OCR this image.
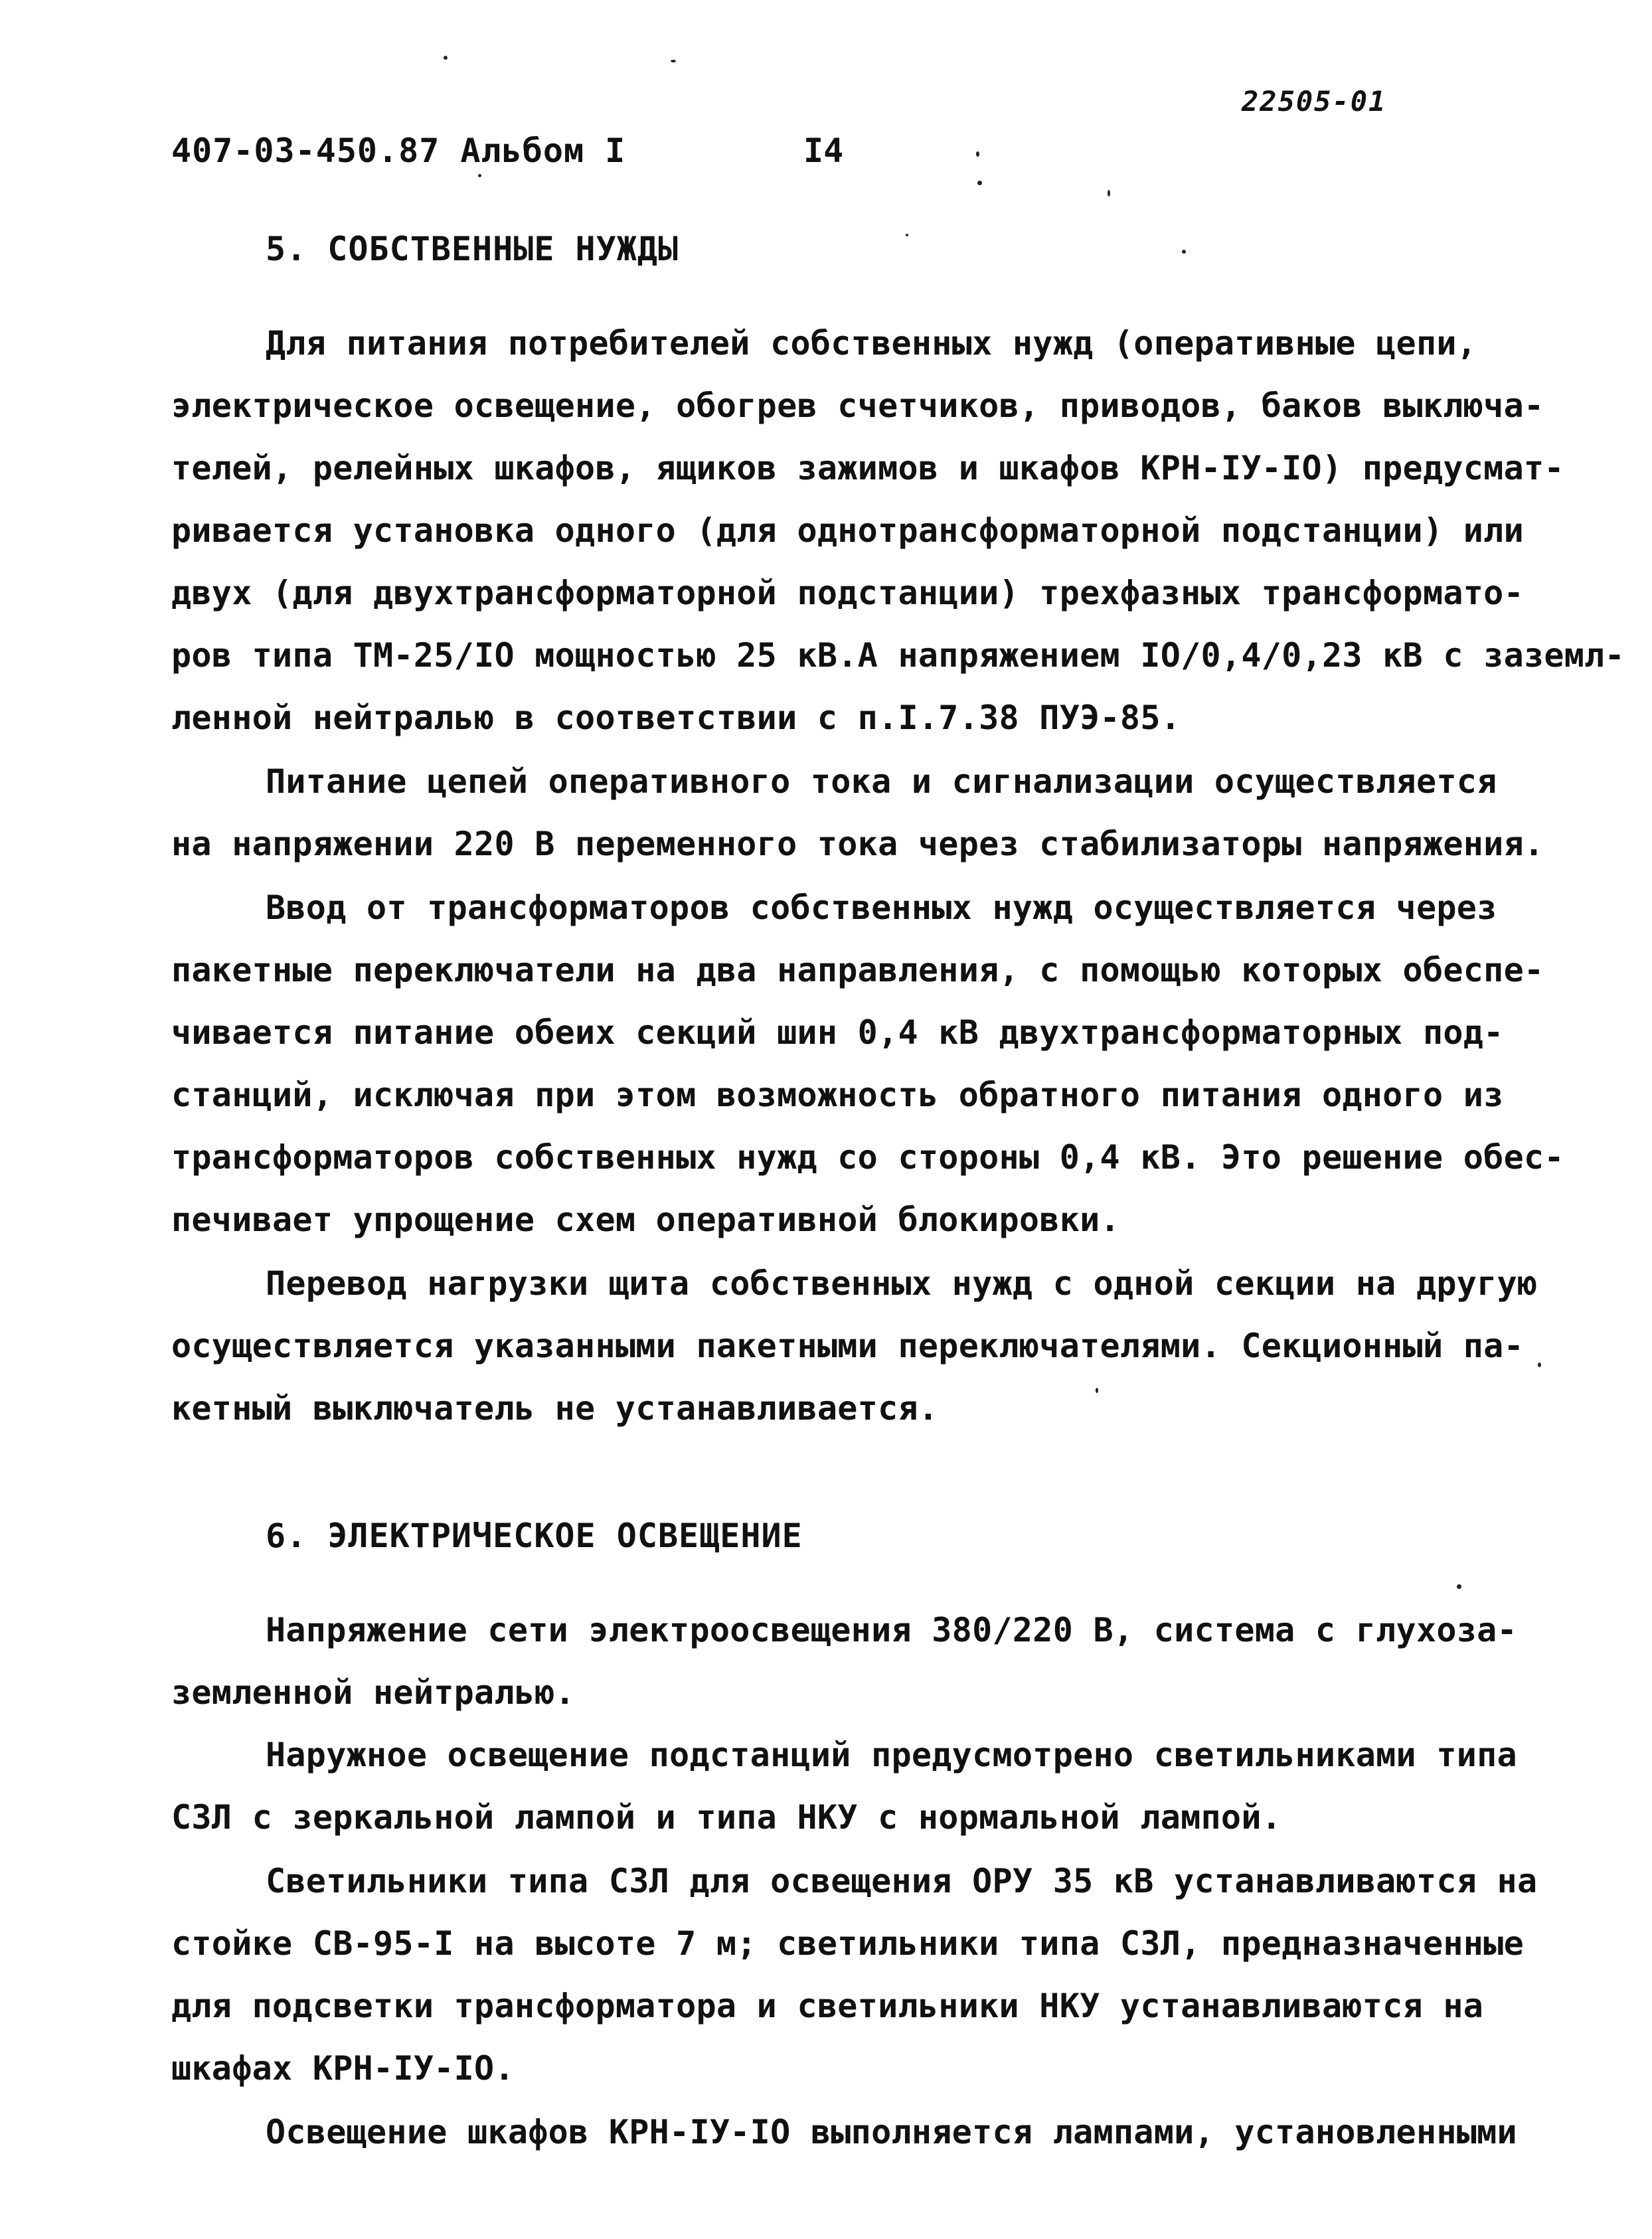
22505-01
407-03-450.87 Альбом I	I4
5. СОБСТВЕННЫЕ НУЖДЫ
Для питания потребителей собственных нужд (оперативные цепи,
электрическое освещение, обогрев счетчиков, приводов, баков выключа-
телей, релейных шкафов, ящиков зажимов и шкафов КРН-IУ-IO) предусмат-
ривается установка одного (для однотрансформаторной подстанции) или
двух (для двухтрансформаторной подстанции) трехфазных трансформато-
ров типа ТМ-25/IO мощностью 25 кВ.А напряжением IO/0,4/0,23 кВ с заземл-
ленной нейтралью в соответствии с п.I.7.38 ПУЭ-85.
Питание цепей оперативного тока и сигнализации осуществляется
на напряжении 220 В переменного тока через стабилизаторы напряжения.
Ввод от трансформаторов собственных нужд осуществляется через
пакетные переключатели на два направления, с помощью которых обеспе-
чивается питание обеих секций шин 0,4 кВ двухтрансформаторных под-
станций, исключая при этом возможность обратного питания одного из
трансформаторов собственных нужд со стороны 0,4 кВ. Это решение обес-
печивает упрощение схем оперативной блокировки.
Перевод нагрузки щита собственных нужд с одной секции на другую
осуществляется указанными пакетными переключателями. Секционный па-
кетный выключатель не устанавливается.
6. ЭЛЕКТРИЧЕСКОЕ ОСВЕЩЕНИЕ
Напряжение сети электроосвещения 380/220 В, система с глухоза-
земленной нейтралью.
Наружное освещение подстанций предусмотрено светильниками типа
СЗЛ с зеркальной лампой и типа НКУ с нормальной лампой.
Светильники типа СЗЛ для освещения ОРУ 35 кВ устанавливаются на
стойке СВ-95-I на высоте 7 м; светильники типа СЗЛ, предназначенные
для подсветки трансформатора и светильники НКУ устанавливаются на
шкафах КРН-IУ-IO.
Освещение шкафов КРН-IУ-IO выполняется лампами, установленными
